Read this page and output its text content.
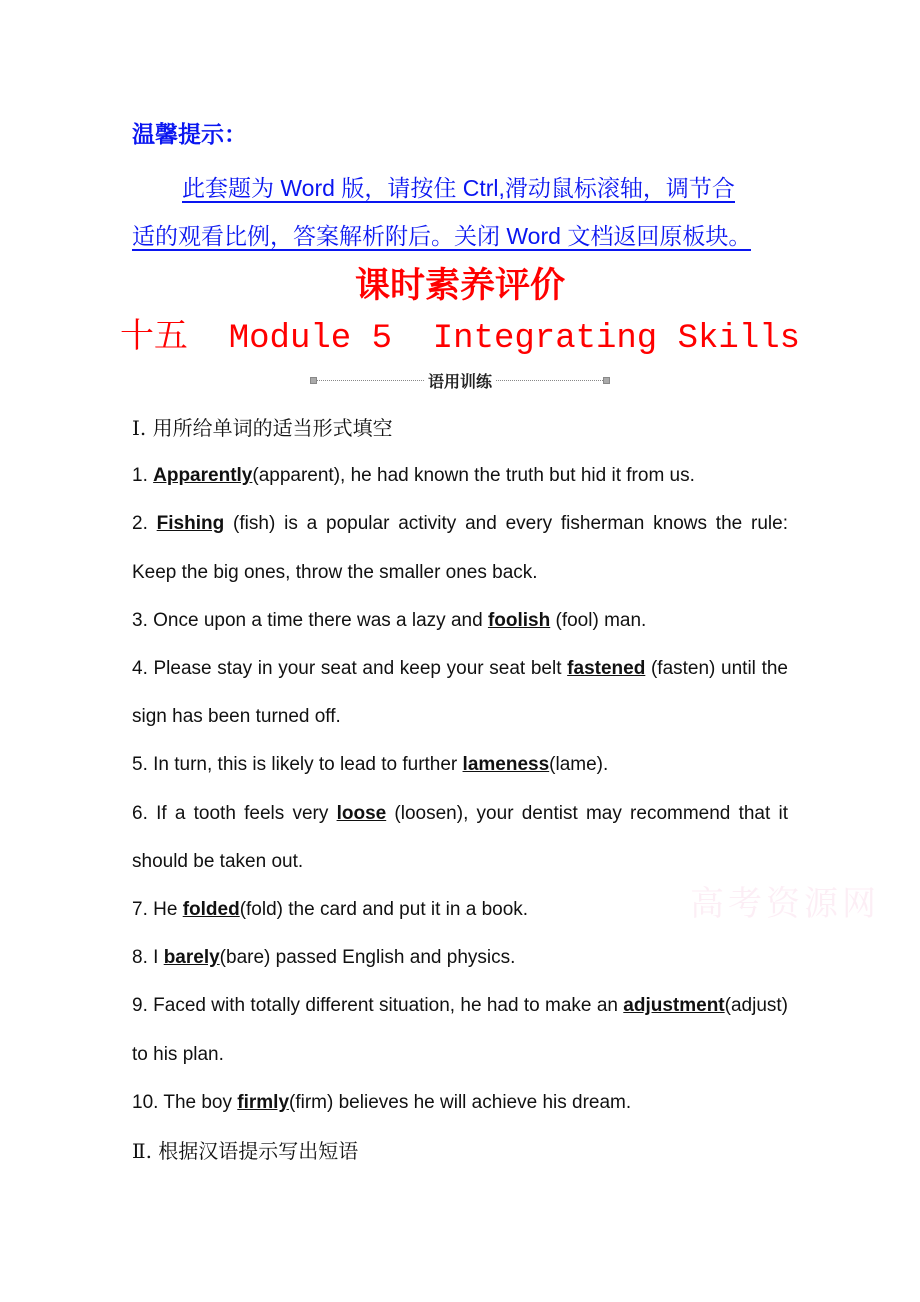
温馨提示：
此套题为 Word 版，请按住 Ctrl,滑动鼠标滚轴，调节合
适的观看比例，答案解析附后。关闭 Word 文档返回原板块。
课时素养评价
十五  Module 5  Integrating Skills
语用训练

Ⅰ. 用所给单词的适当形式填空

1. Apparently(apparent), he had known the truth but hid it from us.

2. Fishing (fish) is a popular activity and every fisherman knows the rule: Keep the big ones, throw the smaller ones back.

3. Once upon a time there was a lazy and foolish (fool) man.

4. Please stay in your seat and keep your seat belt fastened (fasten) until the sign has been turned off.

5. In turn, this is likely to lead to further lameness(lame).

6. If a tooth feels very loose (loosen), your dentist may recommend that it should be taken out.

7. He folded(fold) the card and put it in a book.

8. I barely(bare) passed English and physics.

9. Faced with totally different situation, he had to make an adjustment(adjust) to his plan.

10. The boy firmly(firm) believes he will achieve his dream.

Ⅱ. 根据汉语提示写出短语

高考资源网
